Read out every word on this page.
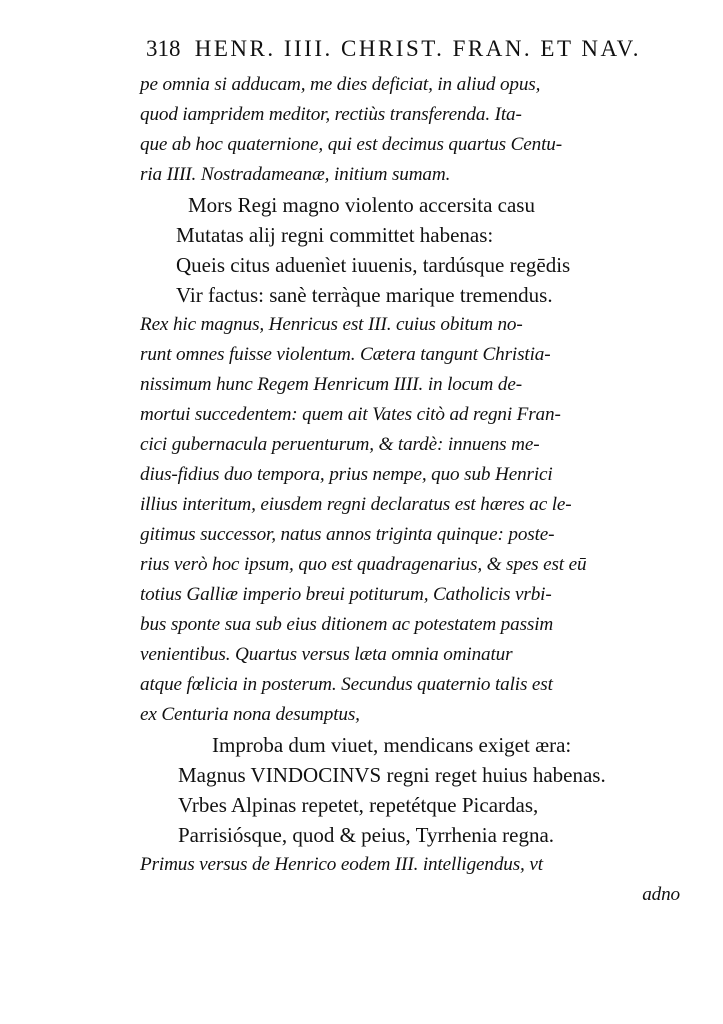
318 HENR. IIII. CHRIST. FRAN. ET NAV.
pe omnia si adducam, me dies deficiat, in aliud opus,
quod iampridem meditor, rectiùs transferenda. Ita-
que ab hoc quaternione, qui est decimus quartus Centu-
ria IIII. Nostradameanæ, initium sumam.
Mors Regi magno violento accersita casu
Mutatas alij regni committet habenas:
Queis citus aduenìet iuuenis, tardúsque regēdis
Vir factus: sanè terràque marique tremendus.
Rex hic magnus, Henricus est III. cuius obitum no-
runt omnes fuisse violentum. Cætera tangunt Christia-
nissimum hunc Regem Henricum IIII. in locum de-
mortui succedentem: quem ait Vates citò ad regni Fran-
cici gubernacula peruenturum, & tardè: innuens me-
dius-fidius duo tempora, prius nempe, quo sub Henrici
illius interitum, eiusdem regni declaratus est hæres ac le-
gitimus successor, natus annos triginta quinque: poste-
rius verò hoc ipsum, quo est quadragenarius, & spes est eū
totius Galliæ imperio breui potiturum, Catholicis vrbi-
bus sponte sua sub eius ditionem ac potestatem passim
venientibus. Quartus versus læta omnia ominatur
atque fœlicia in posterum. Secundus quaternio talis est
ex Centuria nona desumptus,
Improba dum viuet, mendicans exiget æra:
Magnus VINDOCINVS regni reget huius habenas.
Vrbes Alpinas repetet, repetétque Picardas,
Parrisiósque, quod & peius, Tyrrhenia regna.
Primus versus de Henrico eodem III. intelligendus, vt
adno
